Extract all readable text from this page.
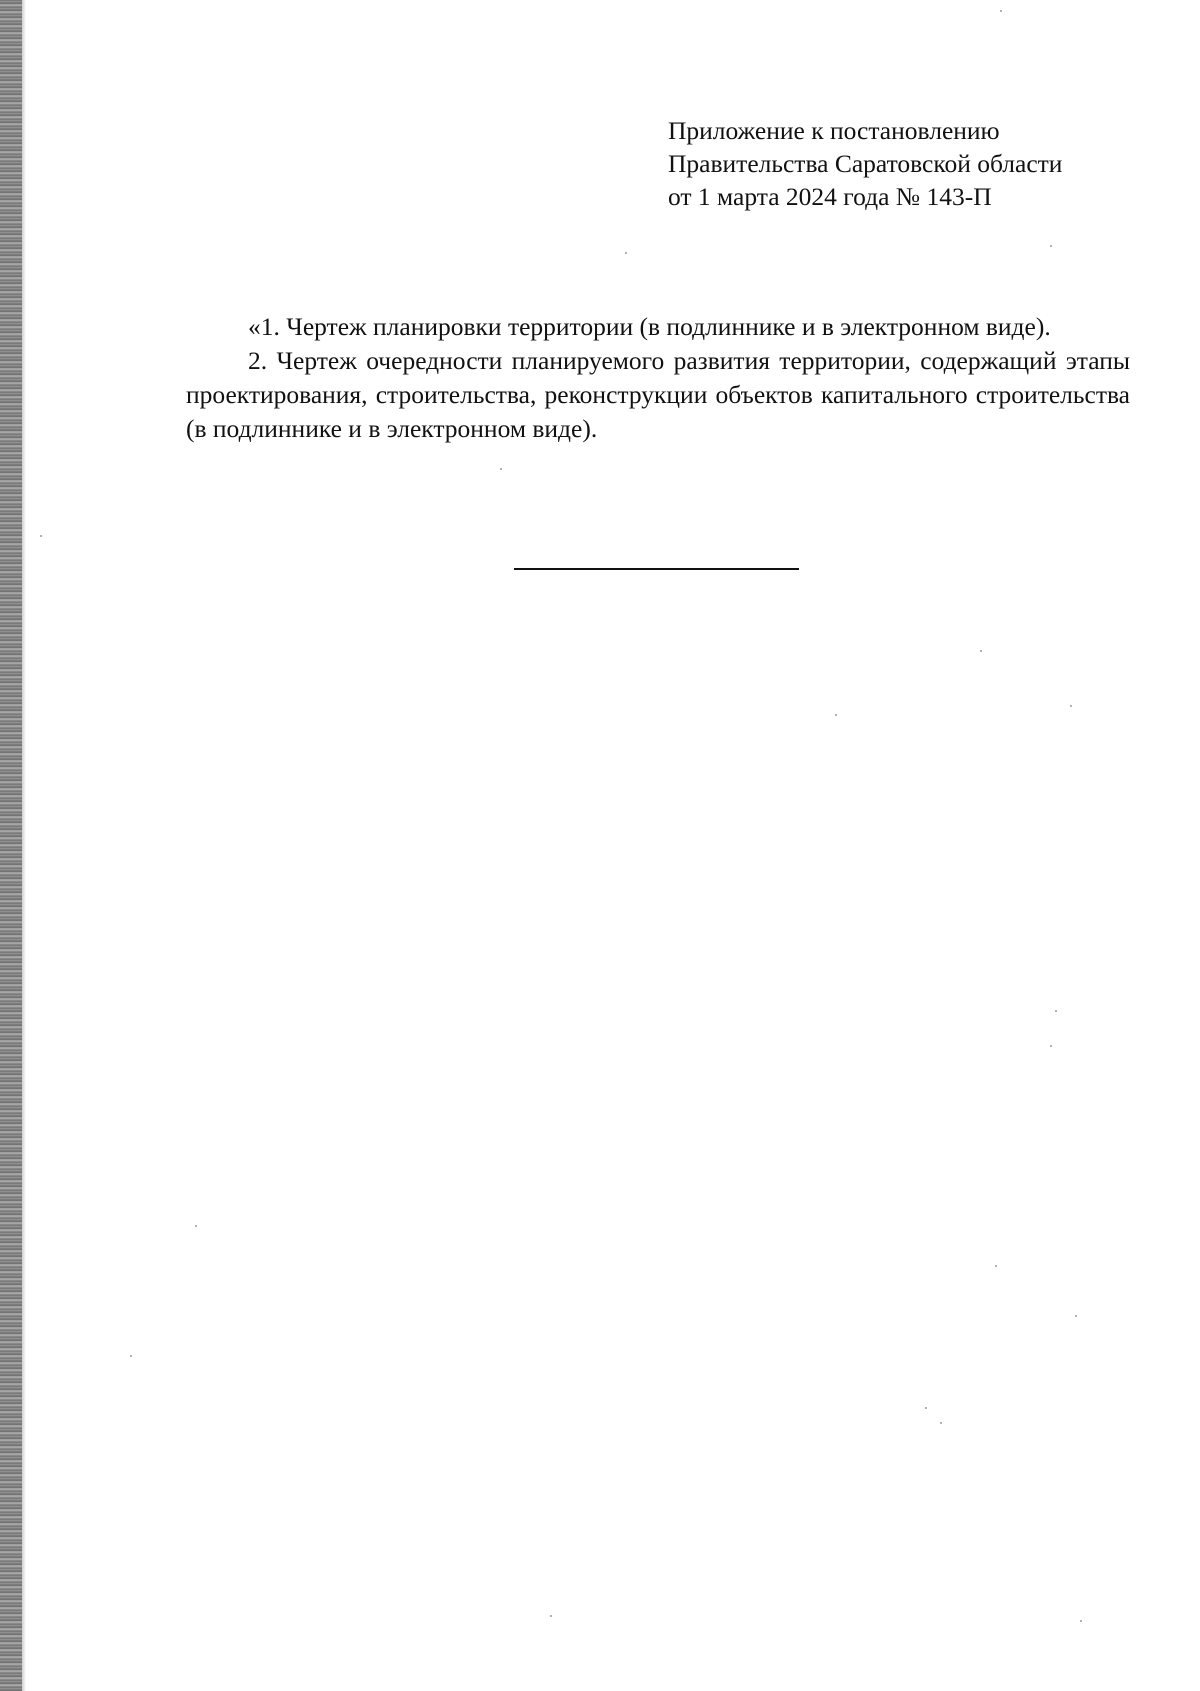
Приложение к постановлению
Правительства Саратовской области
от 1 марта 2024 года № 143-П

«1. Чертеж планировки территории (в подлиннике и в электронном виде).

2. Чертеж очередности планируемого развития территории, содержащий этапы проектирования, строительства, реконструкции объектов капитального строительства (в подлиннике и в электронном виде).
